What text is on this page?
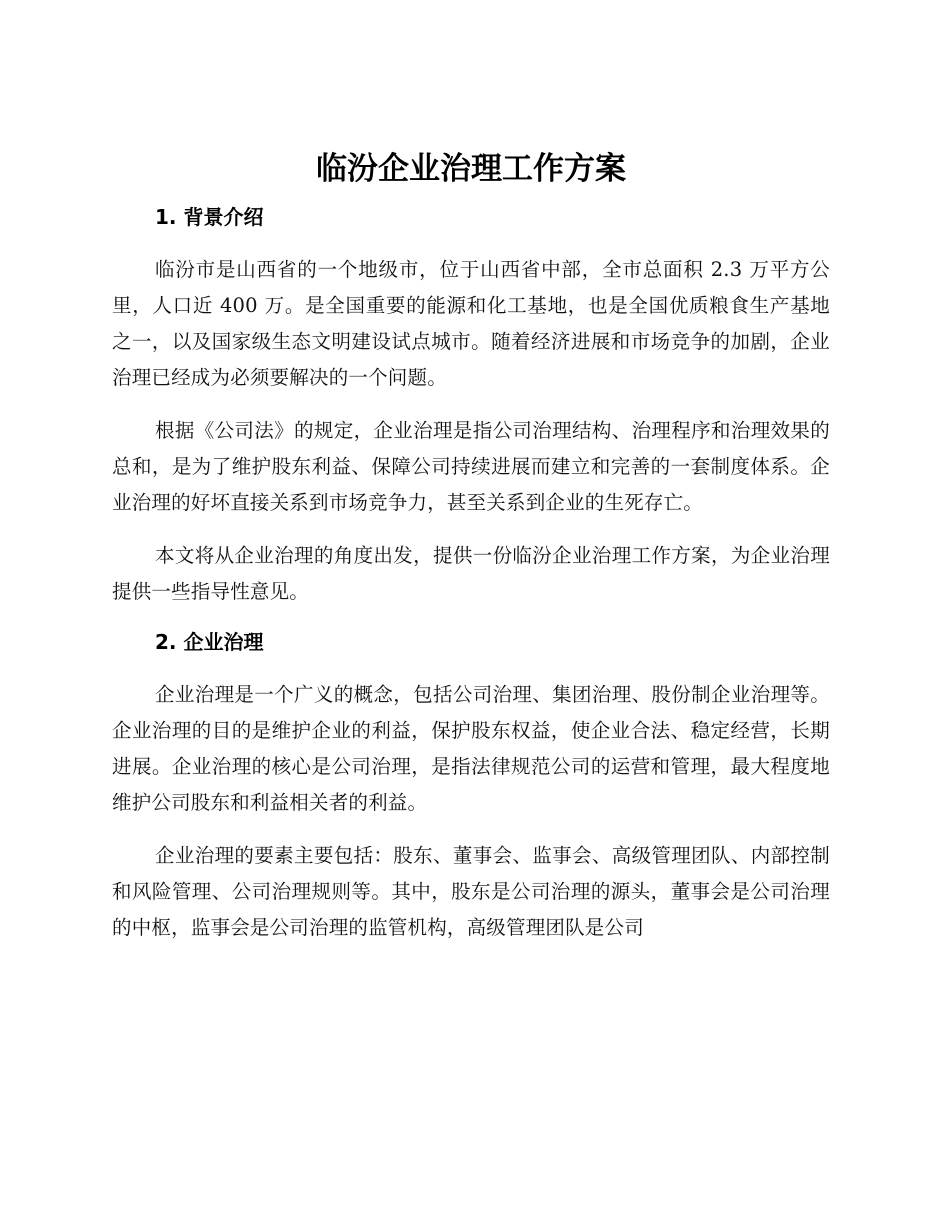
临汾企业治理工作方案
1. 背景介绍

临汾市是山西省的一个地级市，位于山西省中部，全市总面积 2.3 万平方公里，人口近 400 万。是全国重要的能源和化工基地，也是全国优质粮食生产基地之一，以及国家级生态文明建设试点城市。随着经济进展和市场竞争的加剧，企业治理已经成为必须要解决的一个问题。

根据《公司法》的规定，企业治理是指公司治理结构、治理程序和治理效果的总和，是为了维护股东利益、保障公司持续进展而建立和完善的一套制度体系。企业治理的好坏直接关系到市场竞争力，甚至关系到企业的生死存亡。

本文将从企业治理的角度出发，提供一份临汾企业治理工作方案，为企业治理提供一些指导性意见。

2. 企业治理

企业治理是一个广义的概念，包括公司治理、集团治理、股份制企业治理等。企业治理的目的是维护企业的利益，保护股东权益，使企业合法、稳定经营，长期进展。企业治理的核心是公司治理，是指法律规范公司的运营和管理，最大程度地维护公司股东和利益相关者的利益。

企业治理的要素主要包括：股东、董事会、监事会、高级管理团队、内部控制和风险管理、公司治理规则等。其中，股东是公司治理的源头，董事会是公司治理的中枢，监事会是公司治理的监管机构，高级管理团队是公司
